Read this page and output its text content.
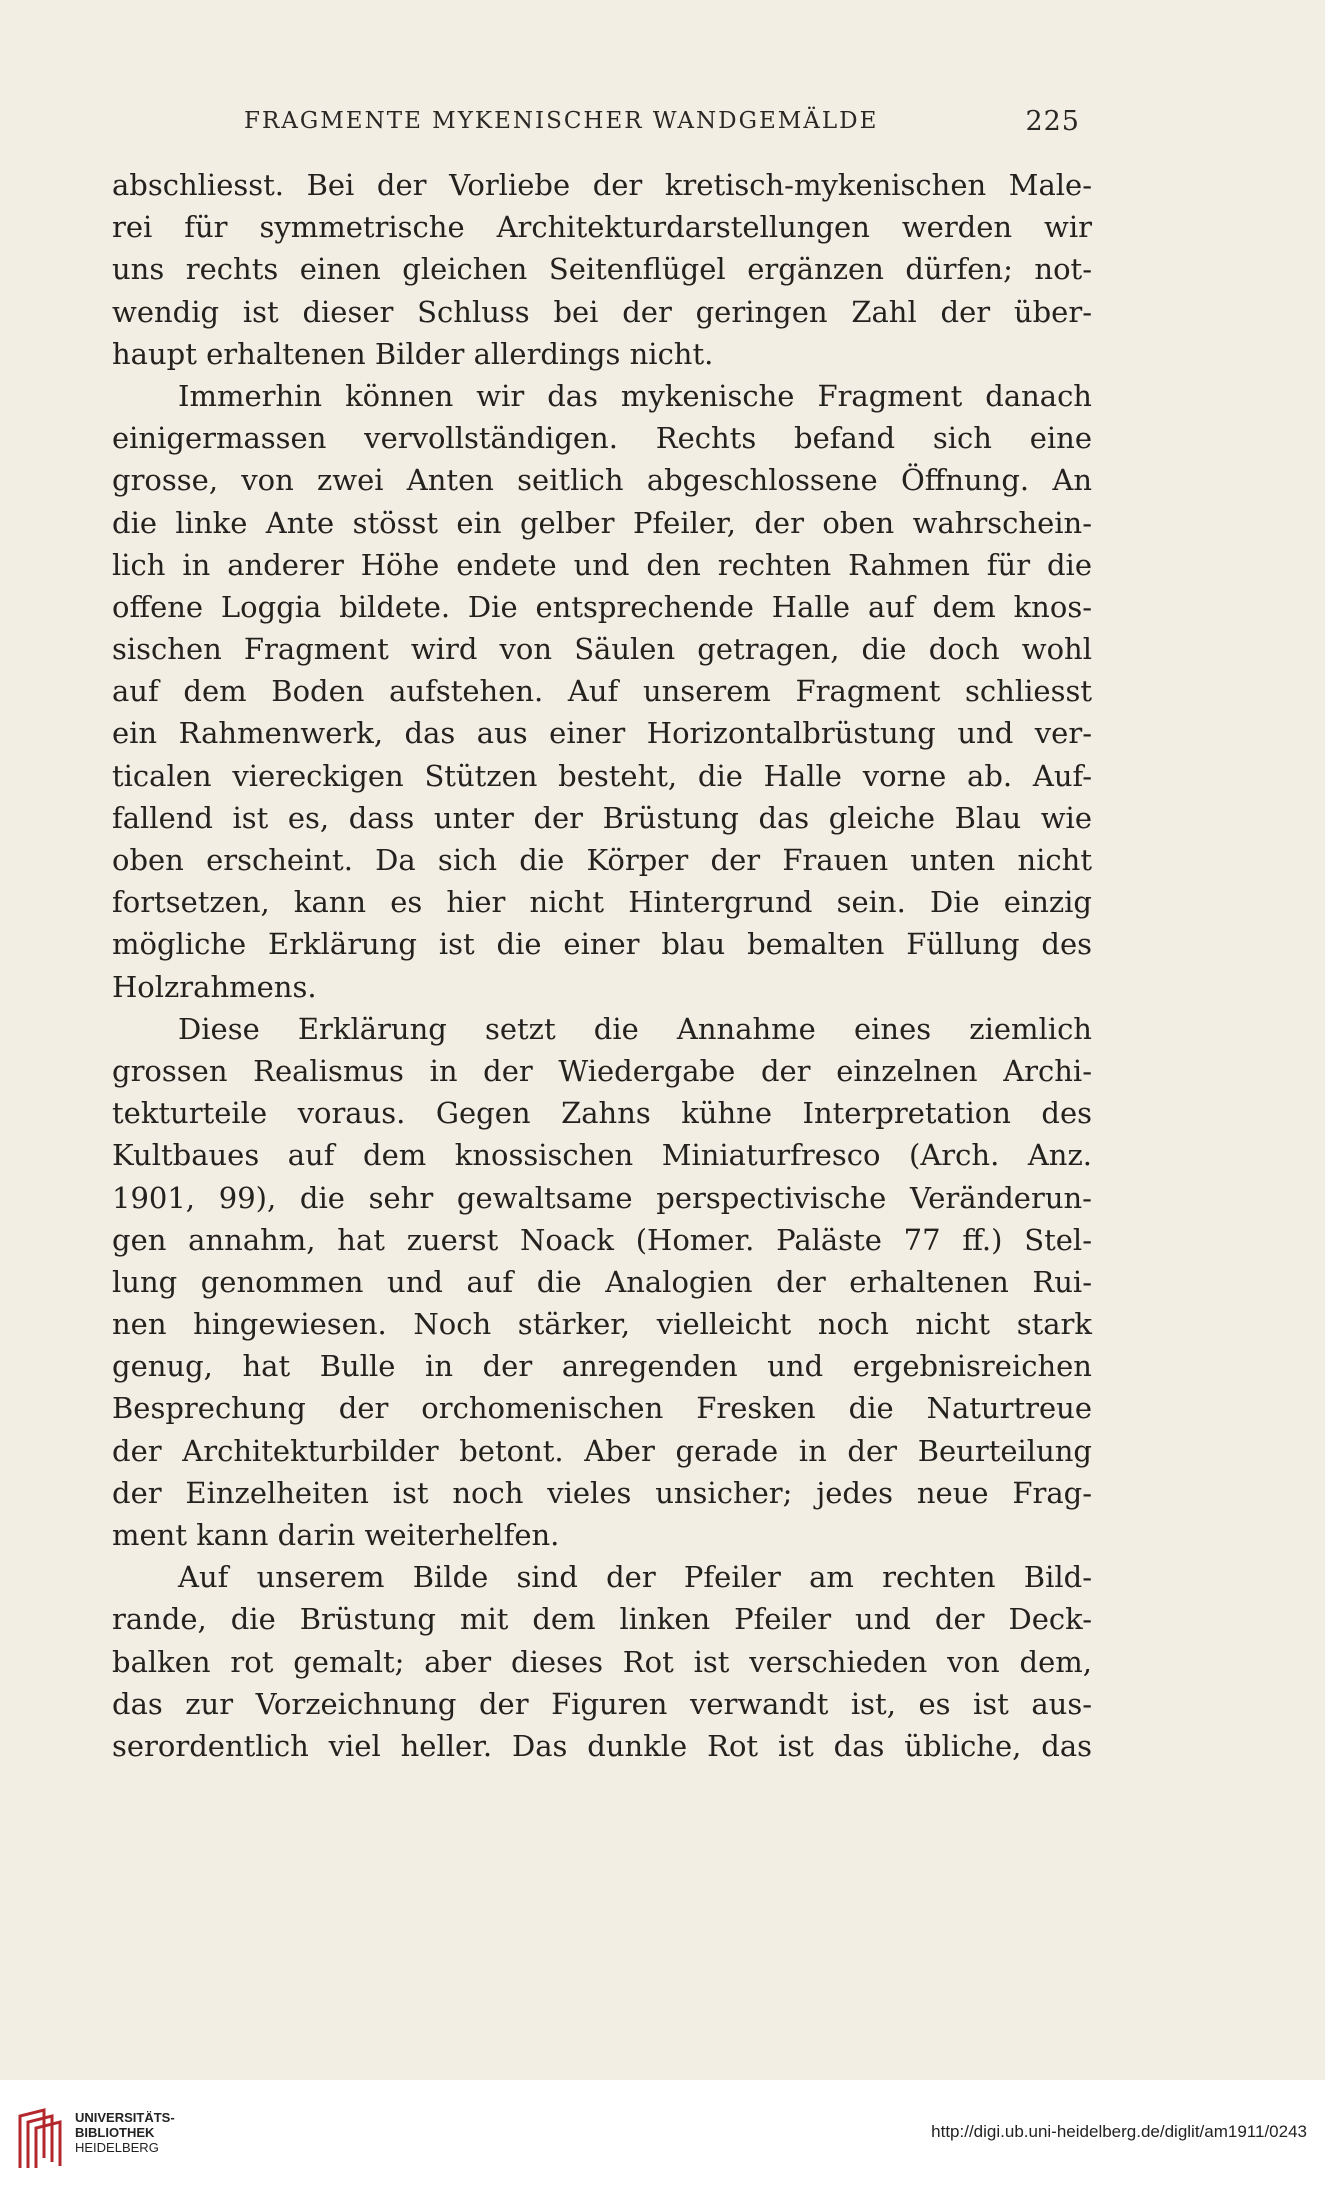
FRAGMENTE MYKENISCHER WANDGEMÄLDE	225
abschliesst. Bei der Vorliebe der kretisch-mykenischen Male-
rei für symmetrische Architekturdarstellungen werden wir
uns rechts einen gleichen Seitenflügel ergänzen dürfen; not-
wendig ist dieser Schluss bei der geringen Zahl der über-
haupt erhaltenen Bilder allerdings nicht.
Immerhin können wir das mykenische Fragment danach
einigermassen vervollständigen. Rechts befand sich eine
grosse, von zwei Anten seitlich abgeschlossene Öffnung. An
die linke Ante stösst ein gelber Pfeiler, der oben wahrschein-
lich in anderer Höhe endete und den rechten Rahmen für die
offene Loggia bildete. Die entsprechende Halle auf dem knos-
sischen Fragment wird von Säulen getragen, die doch wohl
auf dem Boden aufstehen. Auf unserem Fragment schliesst
ein Rahmenwerk, das aus einer Horizontalbrüstung und ver-
ticalen viereckigen Stützen besteht, die Halle vorne ab. Auf-
fallend ist es, dass unter der Brüstung das gleiche Blau wie
oben erscheint. Da sich die Körper der Frauen unten nicht
fortsetzen, kann es hier nicht Hintergrund sein. Die einzig
mögliche Erklärung ist die einer blau bemalten Füllung des
Holzrahmens.
Diese Erklärung setzt die Annahme eines ziemlich
grossen Realismus in der Wiedergabe der einzelnen Archi-
tekturteile voraus. Gegen Zahns kühne Interpretation des
Kultbaues auf dem knossischen Miniaturfresco (Arch. Anz.
1901, 99), die sehr gewaltsame perspectivische Veränderun-
gen annahm, hat zuerst Noack (Homer. Paläste 77 ff.) Stel-
lung genommen und auf die Analogien der erhaltenen Rui-
nen hingewiesen. Noch stärker, vielleicht noch nicht stark
genug, hat Bulle in der anregenden und ergebnisreichen
Besprechung der orchomenischen Fresken die Naturtreue
der Architekturbilder betont. Aber gerade in der Beurteilung
der Einzelheiten ist noch vieles unsicher; jedes neue Frag-
ment kann darin weiterhelfen.
Auf unserem Bilde sind der Pfeiler am rechten Bild-
rande, die Brüstung mit dem linken Pfeiler und der Deck-
balken rot gemalt; aber dieses Rot ist verschieden von dem,
das zur Vorzeichnung der Figuren verwandt ist, es ist aus-
serordentlich viel heller. Das dunkle Rot ist das übliche, das
UNIVERSITÄTS-
BIBLIOTHEK
HEIDELBERG
http://digi.ub.uni-heidelberg.de/diglit/am1911/0243
